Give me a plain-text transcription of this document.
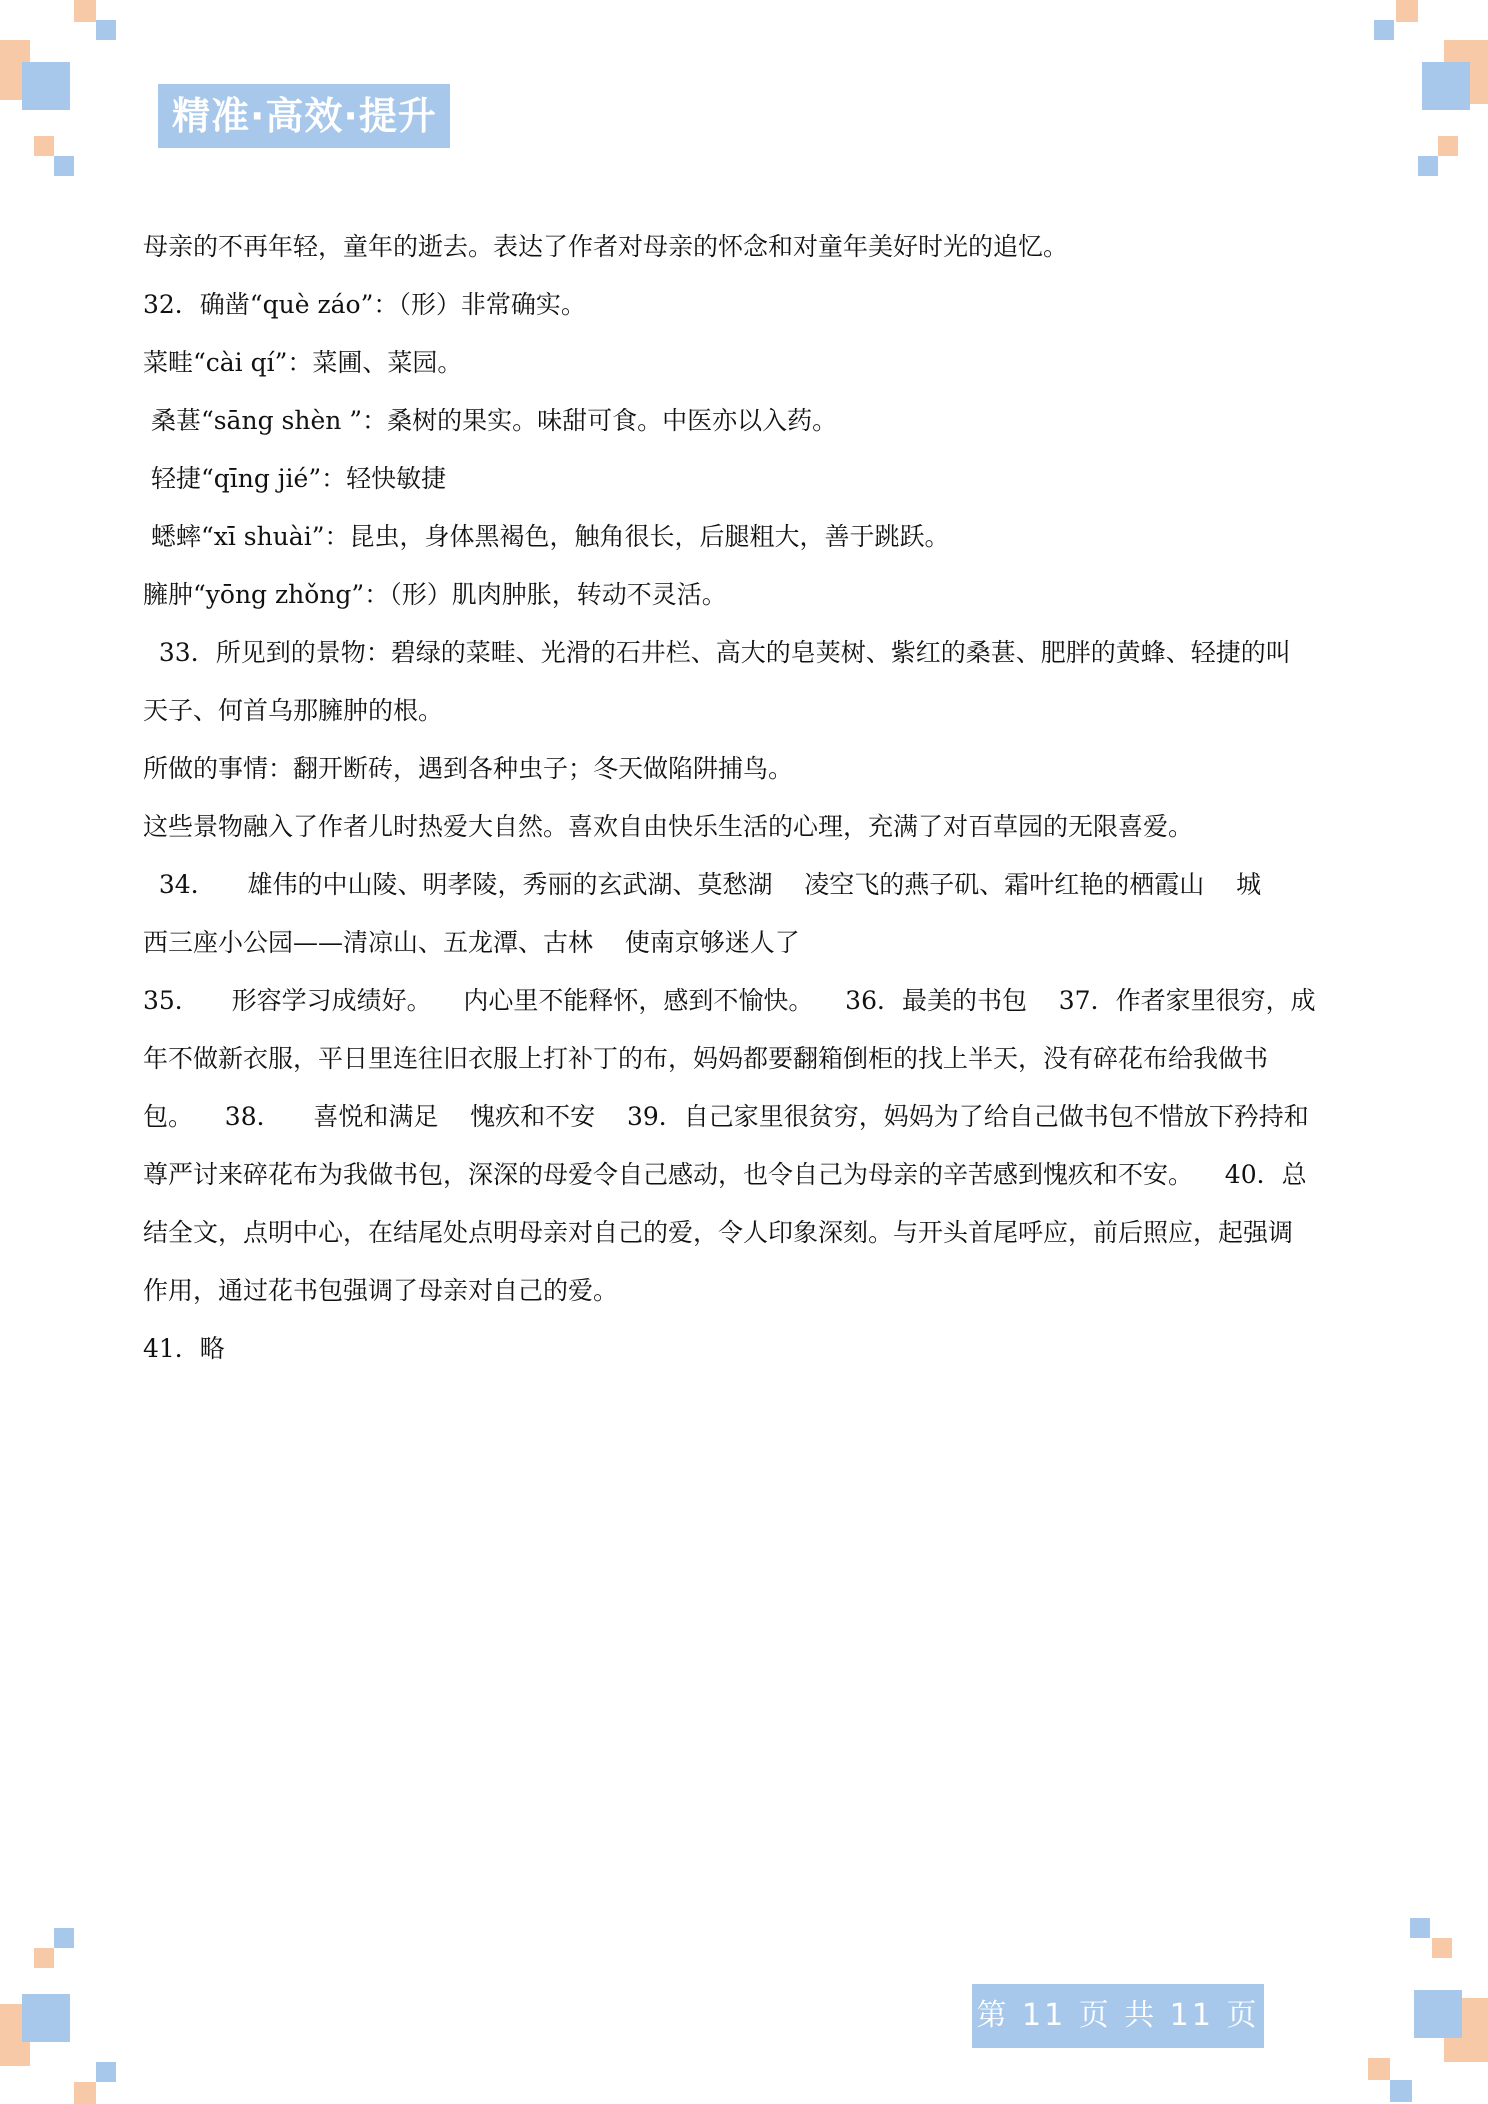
精准·高效·提升
母亲的不再年轻，童年的逝去。表达了作者对母亲的怀念和对童年美好时光的追忆。
32．确凿“què záo”：（形）非常确实。
菜畦“cài qí”：菜圃、菜园。
桑葚“sāng shèn ”：桑树的果实。味甜可食。中医亦以入药。
轻捷“qīng jié”：轻快敏捷
蟋蟀“xī shuài”：昆虫，身体黑褐色，触角很长，后腿粗大，善于跳跃。
臃肿“yōng zhǒng”：（形）肌肉肿胀，转动不灵活。
33．所见到的景物：碧绿的菜畦、光滑的石井栏、高大的皂荚树、紫红的桑葚、肥胖的黄蜂、轻捷的叫
天子、何首乌那臃肿的根。
所做的事情：翻开断砖，遇到各种虫子；冬天做陷阱捕鸟。
这些景物融入了作者儿时热爱大自然。喜欢自由快乐生活的心理，充满了对百草园的无限喜爱。
34．    雄伟的中山陵、明孝陵，秀丽的玄武湖、莫愁湖    凌空飞的燕子矶、霜叶红艳的栖霞山    城
西三座小公园——清凉山、五龙潭、古林    使南京够迷人了
35．    形容学习成绩好。    内心里不能释怀，感到不愉快。    36．最美的书包    37．作者家里很穷，成
年不做新衣服，平日里连往旧衣服上打补丁的布，妈妈都要翻箱倒柜的找上半天，没有碎花布给我做书
包。    38．    喜悦和满足    愧疚和不安    39．自己家里很贫穷，妈妈为了给自己做书包不惜放下矜持和
尊严讨来碎花布为我做书包，深深的母爱令自己感动，也令自己为母亲的辛苦感到愧疚和不安。    40．总
结全文，点明中心，在结尾处点明母亲对自己的爱，令人印象深刻。与开头首尾呼应，前后照应，起强调
作用，通过花书包强调了母亲对自己的爱。
41．略
第 11 页 共 11 页
